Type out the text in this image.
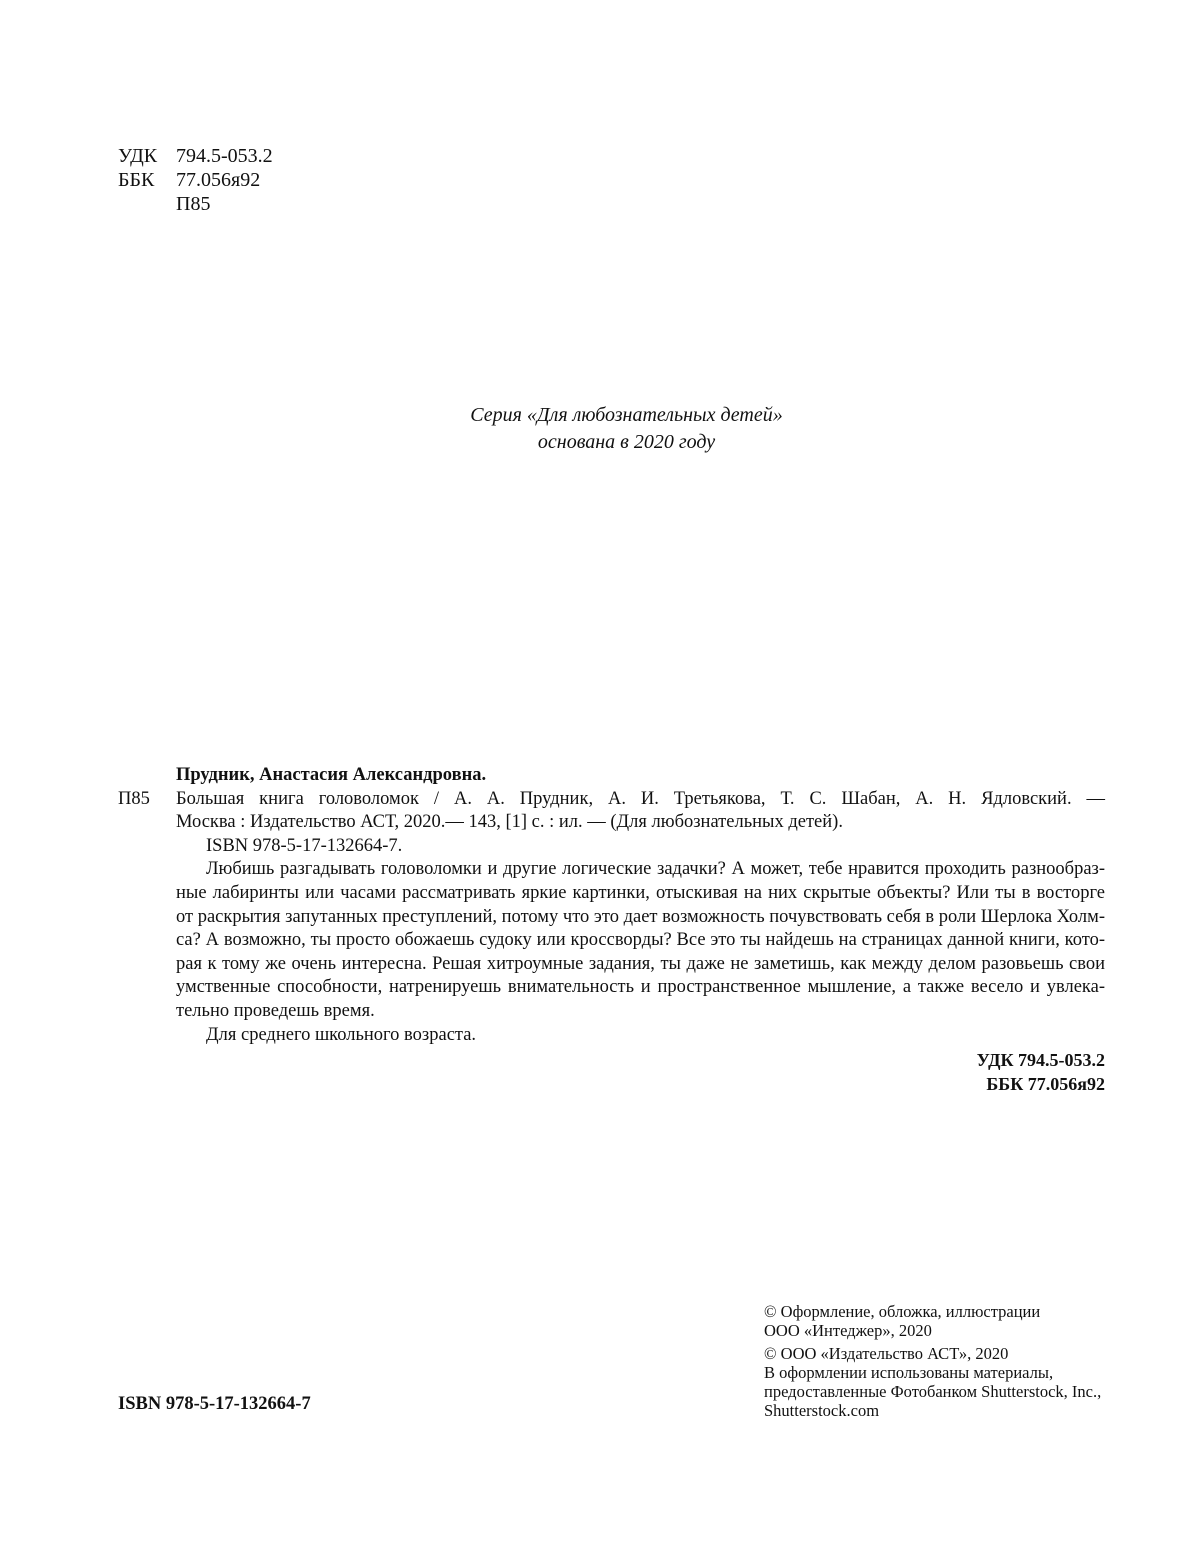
УДК 794.5-053.2
ББК	77.056я92
П85
Серия «Для любознательных детей»
основана в 2020 году
Прудник, Анастасия Александровна.
П85	Большая книга головоломок / А. А. Прудник, А. И. Третьякова, Т. С. Шабан, А. Н. Ядловский. —
Москва : Издательство АСТ, 2020.— 143, [1] с. : ил. — (Для любознательных детей).
ISBN 978-5-17-132664-7.
Любишь разгадывать головоломки и другие логические задачки? А может, тебе нравится проходить разнообраз-
ные лабиринты или часами рассматривать яркие картинки, отыскивая на них скрытые объекты? Или ты в восторге
от раскрытия запутанных преступлений, потому что это дает возможность почувствовать себя в роли Шерлока Холм-
са? А возможно, ты просто обожаешь судоку или кроссворды? Все это ты найдешь на страницах данной книги, кото-
рая к тому же очень интересна. Решая хитроумные задания, ты даже не заметишь, как между делом разовьешь свои
умственные способности, натренируешь внимательность и пространственное мышление, а также весело и увлека-
тельно проведешь время.
Для среднего школьного возраста.
УДК 794.5-053.2
ББК 77.056я92
© Оформление, обложка, иллюстрации
ООО «Интеджер», 2020
© ООО «Издательство АСТ», 2020
В оформлении использованы материалы,
предоставленные Фотобанком Shutterstock, Inc.,
Shutterstock.com
ISBN 978-5-17-132664-7
